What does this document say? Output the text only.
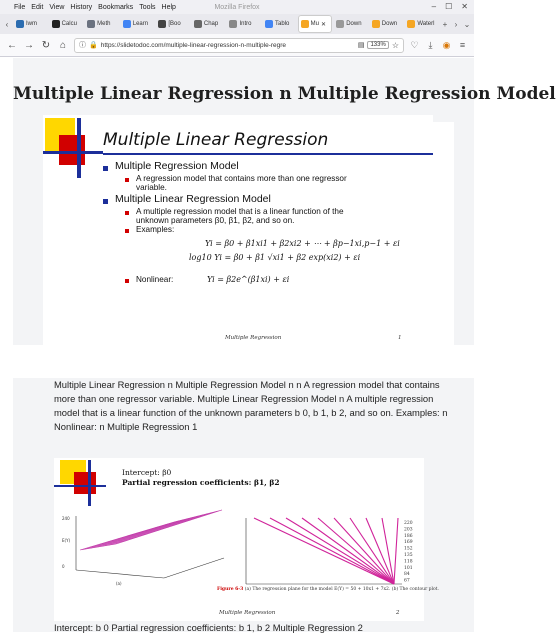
File Edit View History Bookmarks Tools Help	Mozilla Firefox	– ☐ ✕
‹	Iwm	Calcu	Meth	Learn	[Boo	Chap	Intro	Tablo	Mu ✕	Down	Down	Waterl	+ › ⌄
← → ↻ ⌂	ⓘ 🔒 https://slidetodoc.com/multiple-linear-regression-n-multiple-regre	▤	133% ☆ ♡	⤓	◉	≡
Multiple Linear Regression n Multiple Regression Model
Multiple Linear Regression
Multiple Regression Model
A regression model that contains more than one regressor
variable.
Multiple Linear Regression Model
A multiple regression model that is a linear function of the
unknown parameters β0, β1, β2, and so on.
Examples:
Yi = β0 + β1xi1 + β2xi2 + ⋯ + βp−1xi,p−1 + εi
log10 Yi = β0 + β1 √xi1 + β2 exp(xi2) + εi
Nonlinear:	Yi = β2e^(β1xi) + εi
Multiple Regression	1

Multiple Linear Regression n Multiple Regression Model n n A regression model that contains more than one regressor variable. Multiple Linear Regression Model n A multiple regression model that is a linear function of the unknown parameters b 0, b 1, b 2, and so on. Examples: n Nonlinear: n Multiple Regression 1

240
E(Y)
0
(a)
220
203
186
169
152
135
118
101
84
67
Intercept: β0
Partial regression coefficients: β1, β2
Figure 6-3 (a) The regression plane for the model E(Y) = 50 + 10x1 + 7x2. (b) The contour plot.
Multiple Regression	2
Intercept: b 0 Partial regression coefficients: b 1, b 2 Multiple Regression 2
